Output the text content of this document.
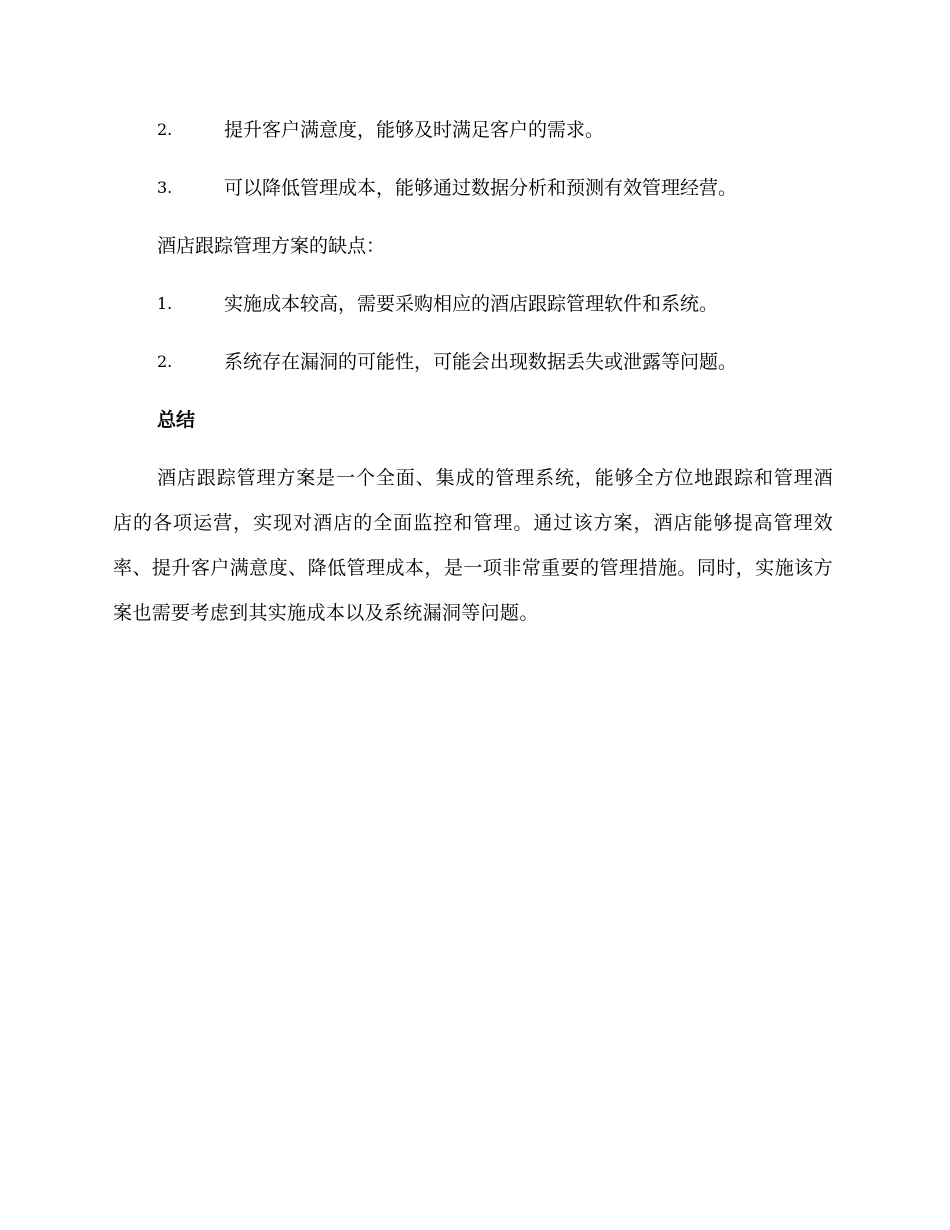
2.	提升客户满意度，能够及时满足客户的需求。
3.	可以降低管理成本，能够通过数据分析和预测有效管理经营。
酒店跟踪管理方案的缺点：
1.	实施成本较高，需要采购相应的酒店跟踪管理软件和系统。
2.	系统存在漏洞的可能性，可能会出现数据丢失或泄露等问题。
总结

酒店跟踪管理方案是一个全面、集成的管理系统，能够全方位地跟踪和管理酒店的各项运营，实现对酒店的全面监控和管理。通过该方案，酒店能够提高管理效率、提升客户满意度、降低管理成本，是一项非常重要的管理措施。同时，实施该方案也需要考虑到其实施成本以及系统漏洞等问题。
